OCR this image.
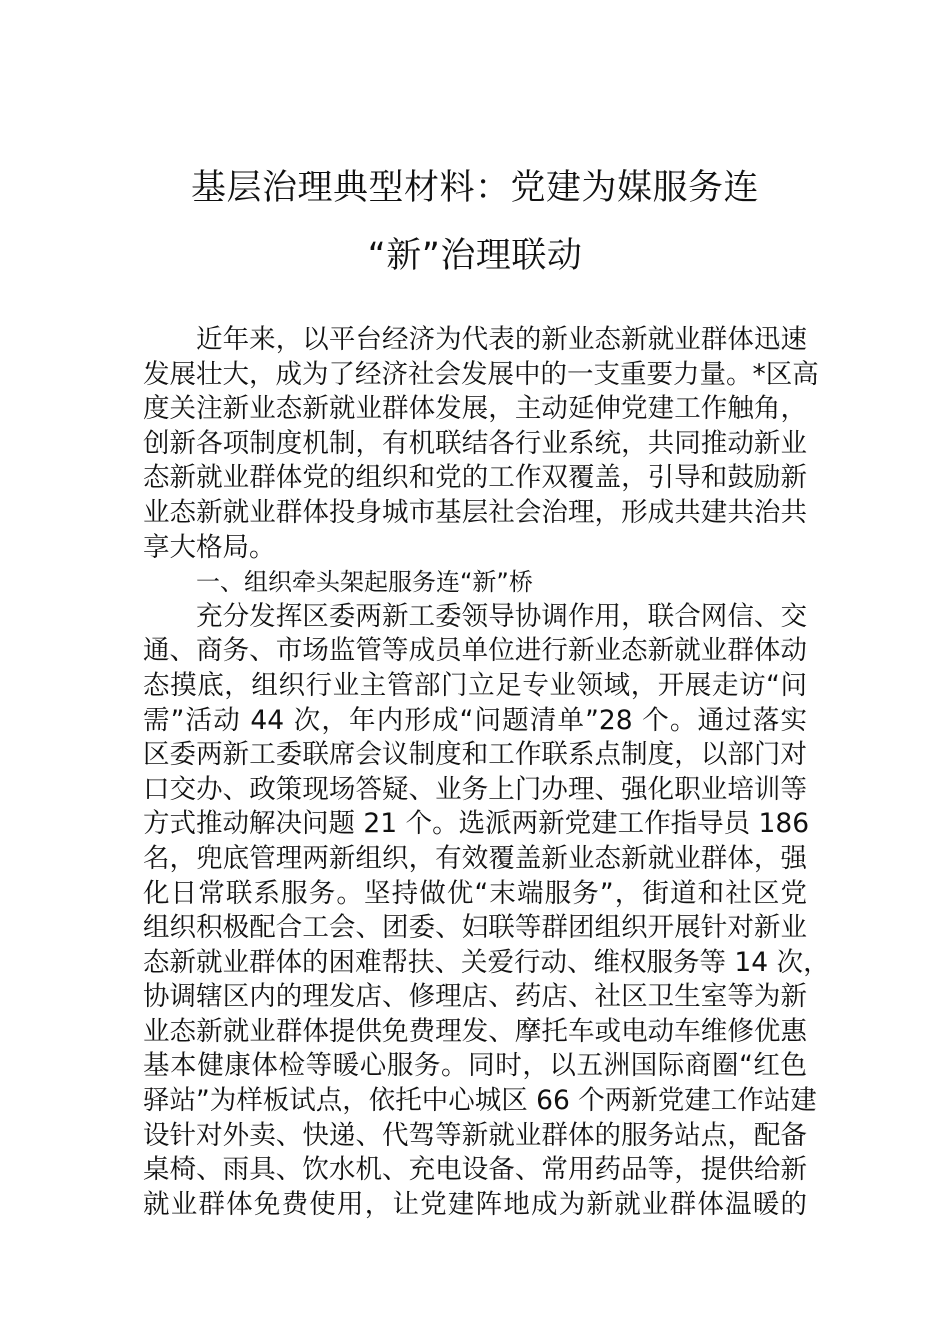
基层治理典型材料：党建为媒服务连
“新”治理联动
近年来，以平台经济为代表的新业态新就业群体迅速
发展壮大，成为了经济社会发展中的一支重要力量。*区高
度关注新业态新就业群体发展，主动延伸党建工作触角，
创新各项制度机制，有机联结各行业系统，共同推动新业
态新就业群体党的组织和党的工作双覆盖，引导和鼓励新
业态新就业群体投身城市基层社会治理，形成共建共治共
享大格局。
一、组织牵头架起服务连“新”桥
充分发挥区委两新工委领导协调作用，联合网信、交
通、商务、市场监管等成员单位进行新业态新就业群体动
态摸底，组织行业主管部门立足专业领域，开展走访“问
需”活动 44 次，年内形成“问题清单”28 个。通过落实
区委两新工委联席会议制度和工作联系点制度，以部门对
口交办、政策现场答疑、业务上门办理、强化职业培训等
方式推动解决问题 21 个。选派两新党建工作指导员 186
名，兜底管理两新组织，有效覆盖新业态新就业群体，强
化日常联系服务。坚持做优“末端服务”，街道和社区党
组织积极配合工会、团委、妇联等群团组织开展针对新业
态新就业群体的困难帮扶、关爱行动、维权服务等 14 次，
协调辖区内的理发店、修理店、药店、社区卫生室等为新
业态新就业群体提供免费理发、摩托车或电动车维修优惠
基本健康体检等暖心服务。同时，以五洲国际商圈“红色
驿站”为样板试点，依托中心城区 66 个两新党建工作站建
设针对外卖、快递、代驾等新就业群体的服务站点，配备
桌椅、雨具、饮水机、充电设备、常用药品等，提供给新
就业群体免费使用，让党建阵地成为新就业群体温暖的
